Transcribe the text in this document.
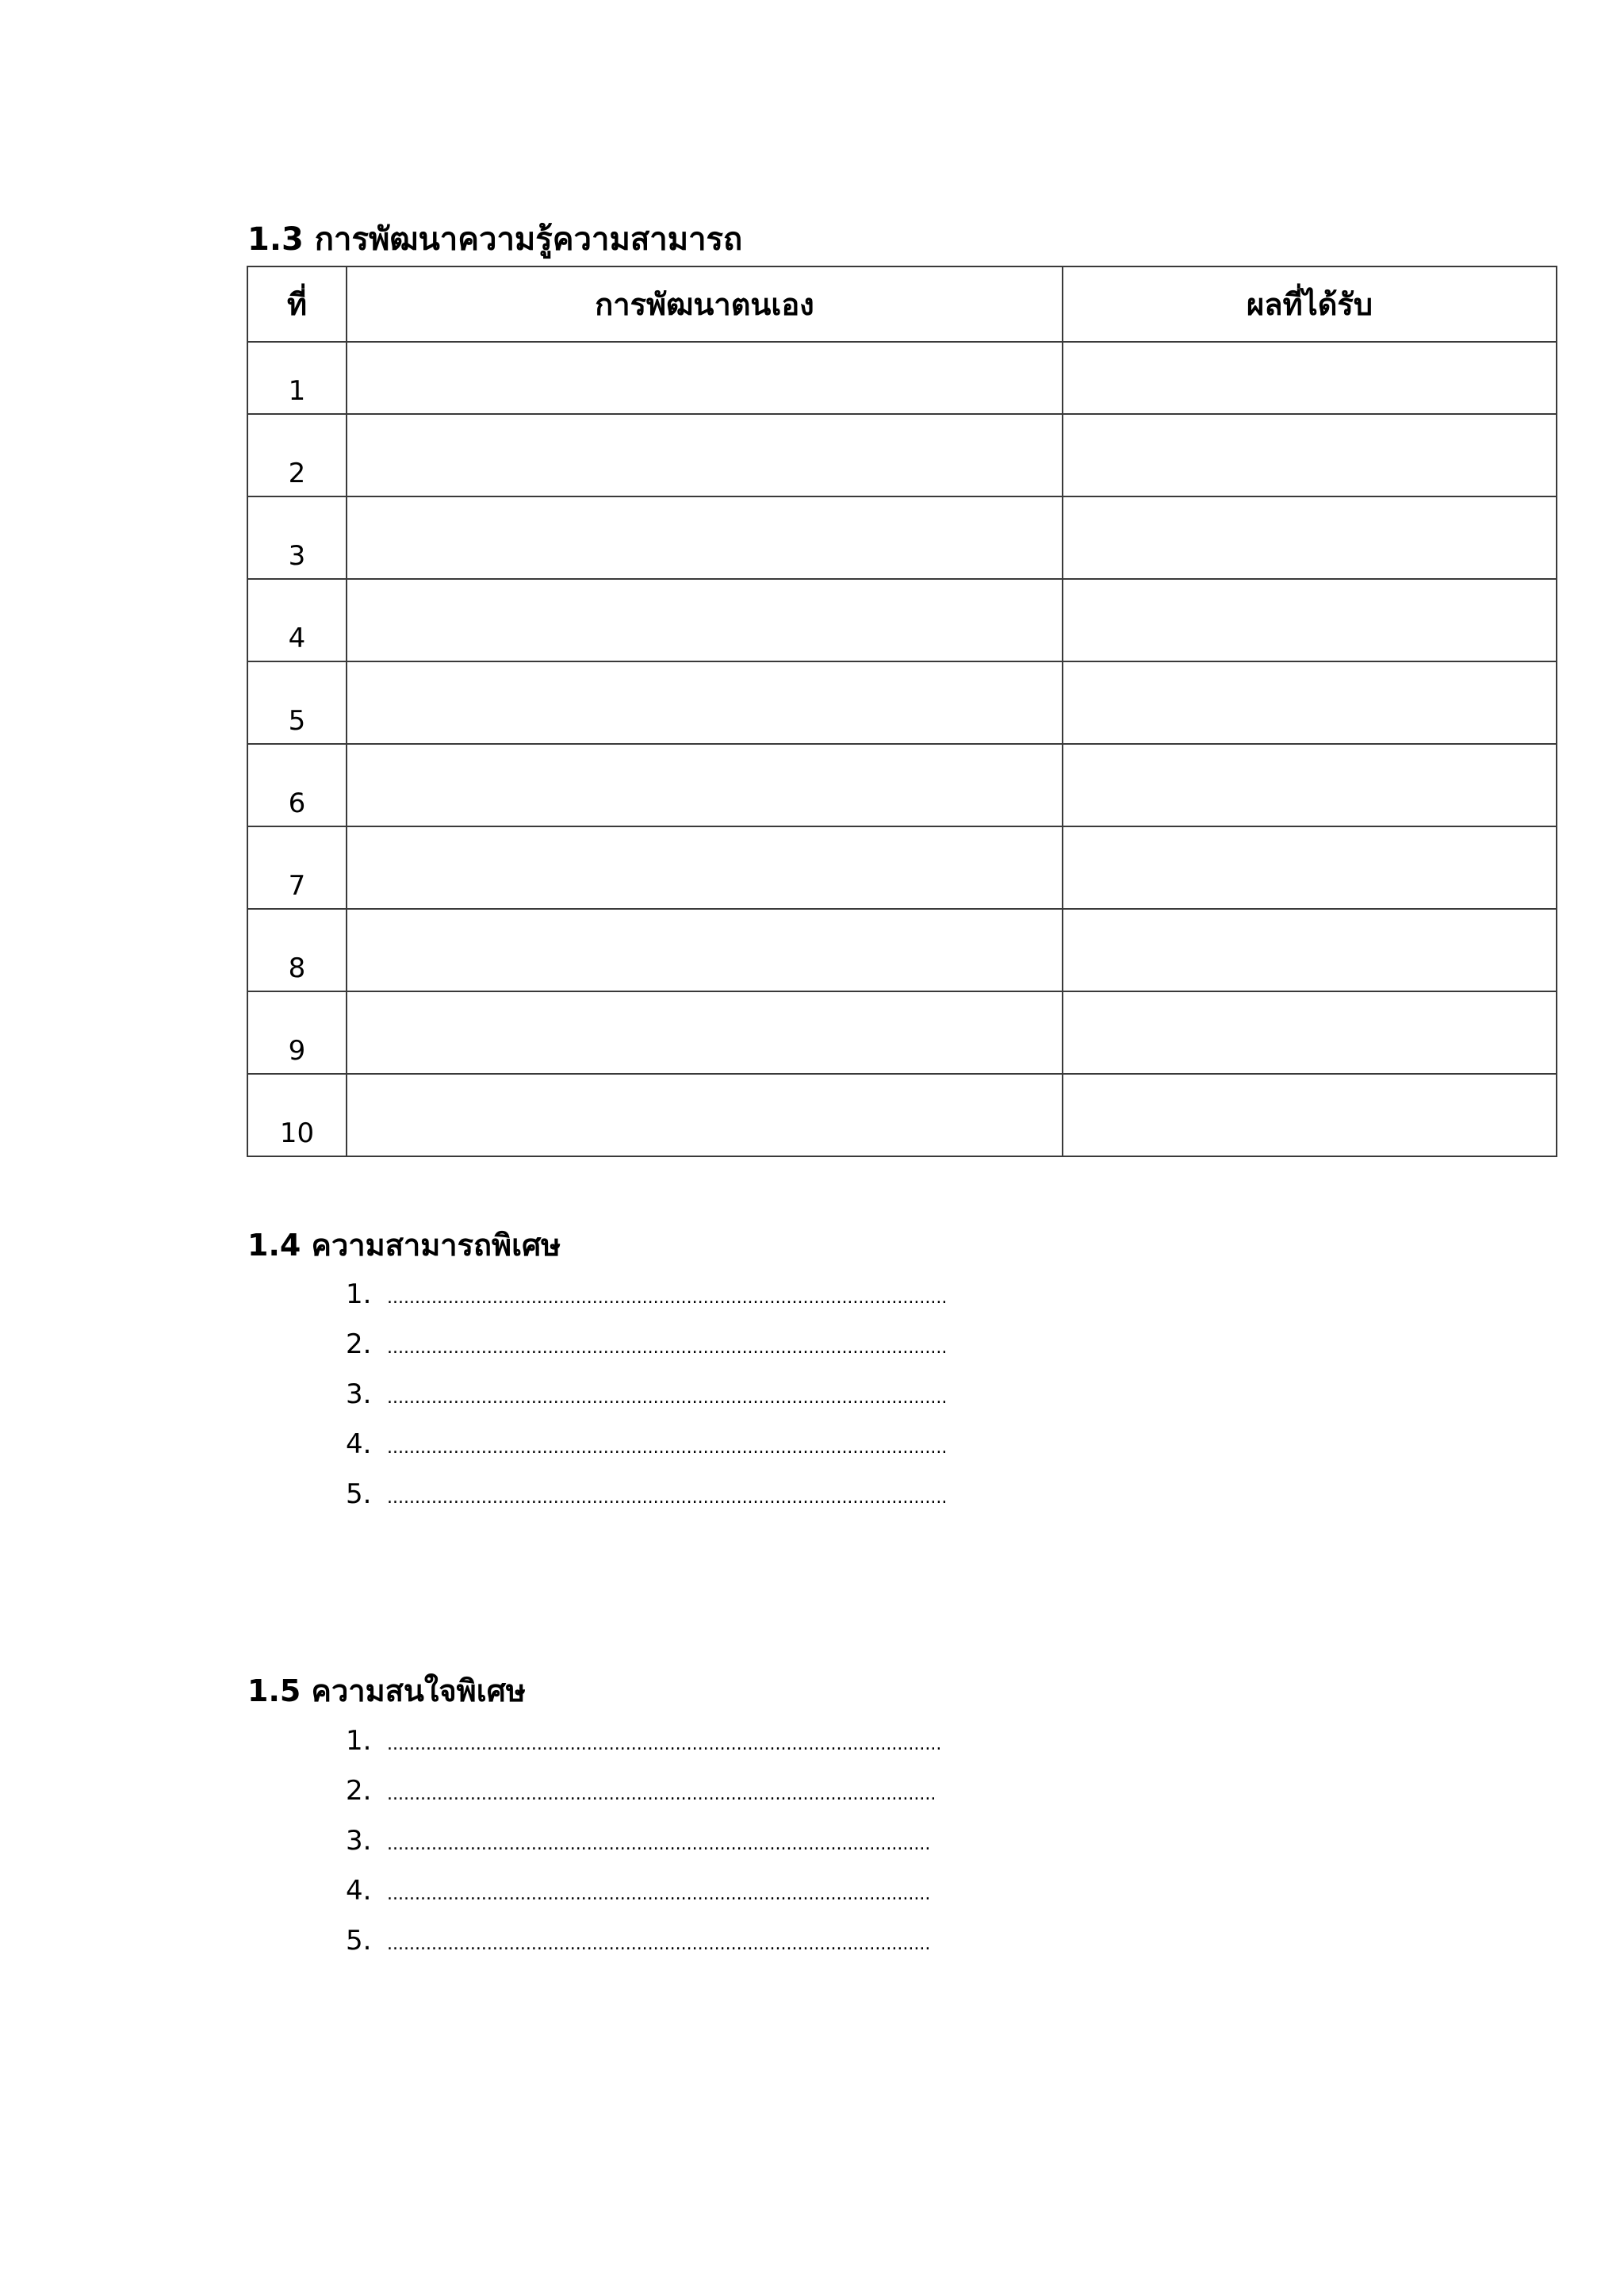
1.3 การพัฒนาความรู้ความสามารถ
ที่	การพัฒนาตนเอง	ผลที่ได้รับ
1		
2		
3		
4		
5		
6		
7		
8		
9		
10		
1.4 ความสามารถพิเศษ
1. .....................................................................................................
2. .....................................................................................................
3. .....................................................................................................
4. .....................................................................................................
5. .....................................................................................................
1.5 ความสนใจพิเศษ
1. ....................................................................................................
2. ...................................................................................................
3. ..................................................................................................
4. ..................................................................................................
5. ..................................................................................................
